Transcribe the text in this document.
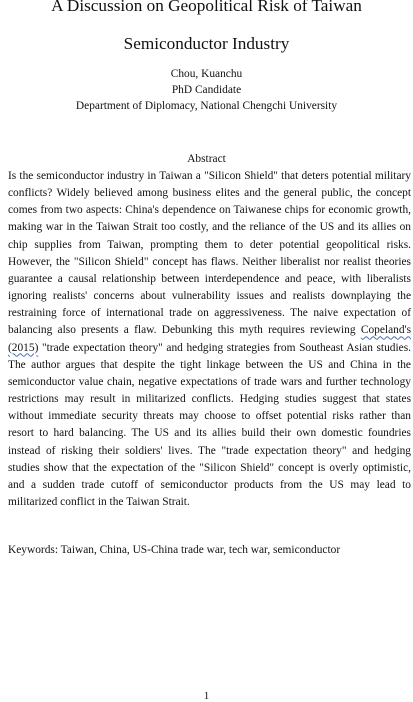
A Discussion on Geopolitical Risk of Taiwan
Semiconductor Industry
Chou, Kuanchu
PhD Candidate
Department of Diplomacy, National Chengchi University
Abstract
Is the semiconductor industry in Taiwan a "Silicon Shield" that deters potential military
conflicts? Widely believed among business elites and the general public, the concept
comes from two aspects: China's dependence on Taiwanese chips for economic growth,
making war in the Taiwan Strait too costly, and the reliance of the US and its allies on
chip supplies from Taiwan, prompting them to deter potential geopolitical risks.
However, the "Silicon Shield" concept has flaws. Neither liberalist nor realist theories
guarantee a causal relationship between interdependence and peace, with liberalists
ignoring realists' concerns about vulnerability issues and realists downplaying the
restraining force of international trade on aggressiveness. The naive expectation of
balancing also presents a flaw. Debunking this myth requires reviewing Copeland's
(2015) "trade expectation theory" and hedging strategies from Southeast Asian studies.
The author argues that despite the tight linkage between the US and China in the
semiconductor value chain, negative expectations of trade wars and further technology
restrictions may result in militarized conflicts. Hedging studies suggest that states
without immediate security threats may choose to offset potential risks rather than
resort to hard balancing. The US and its allies build their own domestic foundries
instead of risking their soldiers' lives. The "trade expectation theory" and hedging
studies show that the expectation of the "Silicon Shield" concept is overly optimistic,
and a sudden trade cutoff of semiconductor products from the US may lead to
militarized conflict in the Taiwan Strait.
Keywords: Taiwan, China, US-China trade war, tech war, semiconductor
1
